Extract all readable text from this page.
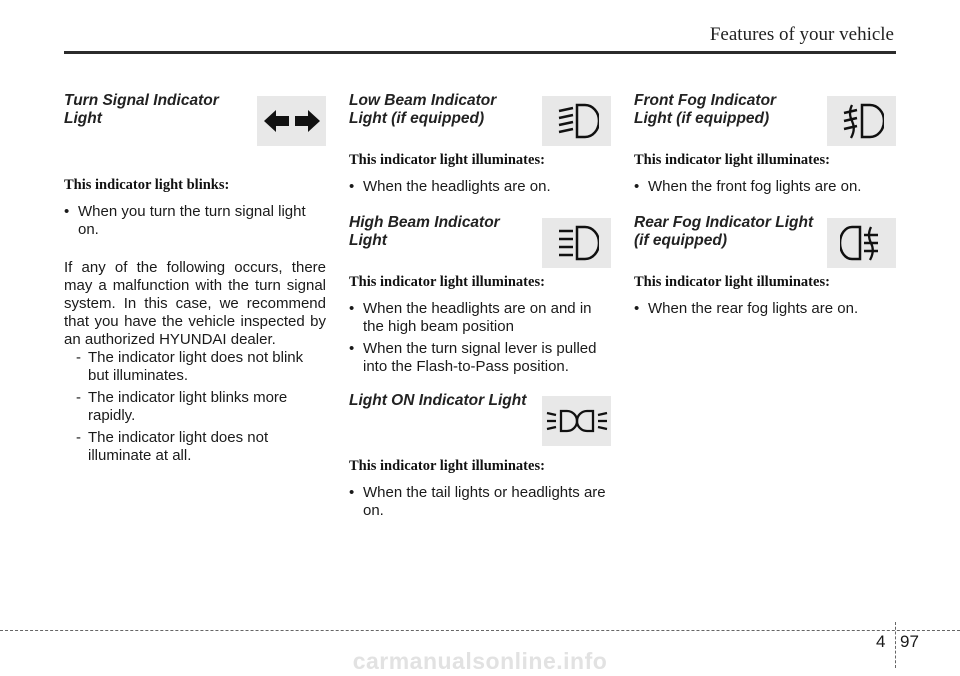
Features of your vehicle
Turn Signal Indicator
Light

This indicator light blinks:

• When you turn the turn signal light on.

If any of the following occurs, there may a malfunction with the turn signal system. In this case, we recommend that you have the vehicle inspected by an authorized HYUNDAI dealer.

- The indicator light does not blink but illuminates.
- The indicator light blinks more rapidly.
- The indicator light does not illuminate at all.
Low Beam Indicator
Light (if equipped)

This indicator light illuminates:

• When the headlights are on.
High Beam Indicator
Light

This indicator light illuminates:

• When the headlights are on and in the high beam position
• When the turn signal lever is pulled into the Flash-to-Pass position.
Light ON Indicator Light

This indicator light illuminates:

• When the tail lights or headlights are on.
Front Fog Indicator
Light (if equipped)

This indicator light illuminates:

• When the front fog lights are on.
Rear Fog Indicator Light
(if equipped)

This indicator light illuminates:

• When the rear fog lights are on.
4 97
carmanualsonline.info
